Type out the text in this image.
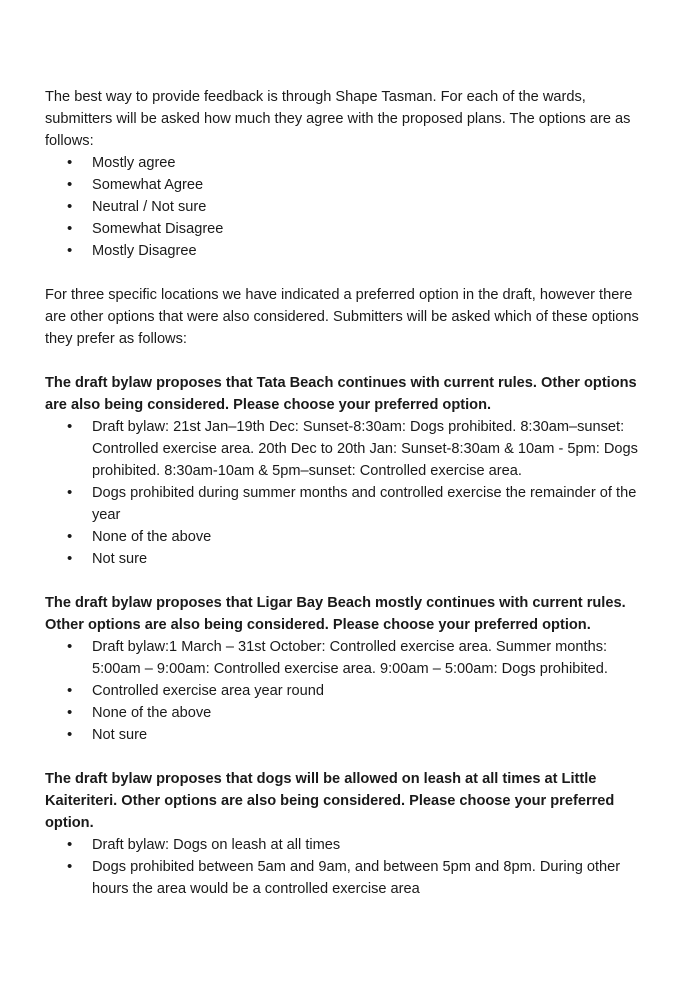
The best way to provide feedback is through Shape Tasman. For each of the wards, submitters will be asked how much they agree with the proposed plans. The options are as follows:

• Mostly agree
• Somewhat Agree
• Neutral / Not sure
• Somewhat Disagree
• Mostly Disagree

For three specific locations we have indicated a preferred option in the draft, however there are other options that were also considered. Submitters will be asked which of these options they prefer as follows:

The draft bylaw proposes that Tata Beach continues with current rules. Other options are also being considered. Please choose your preferred option.

• Draft bylaw: 21st Jan–19th Dec: Sunset-8:30am: Dogs prohibited. 8:30am–sunset: Controlled exercise area. 20th Dec to 20th Jan: Sunset-8:30am & 10am - 5pm: Dogs prohibited. 8:30am-10am & 5pm–sunset: Controlled exercise area.
• Dogs prohibited during summer months and controlled exercise the remainder of the year
• None of the above
• Not sure

The draft bylaw proposes that Ligar Bay Beach mostly continues with current rules. Other options are also being considered. Please choose your preferred option.

• Draft bylaw:1 March – 31st October: Controlled exercise area. Summer months: 5:00am – 9:00am: Controlled exercise area. 9:00am – 5:00am: Dogs prohibited.
• Controlled exercise area year round
• None of the above
• Not sure

The draft bylaw proposes that dogs will be allowed on leash at all times at Little Kaiteriteri. Other options are also being considered. Please choose your preferred option.

• Draft bylaw: Dogs on leash at all times
• Dogs prohibited between 5am and 9am, and between 5pm and 8pm. During other hours the area would be a controlled exercise area
